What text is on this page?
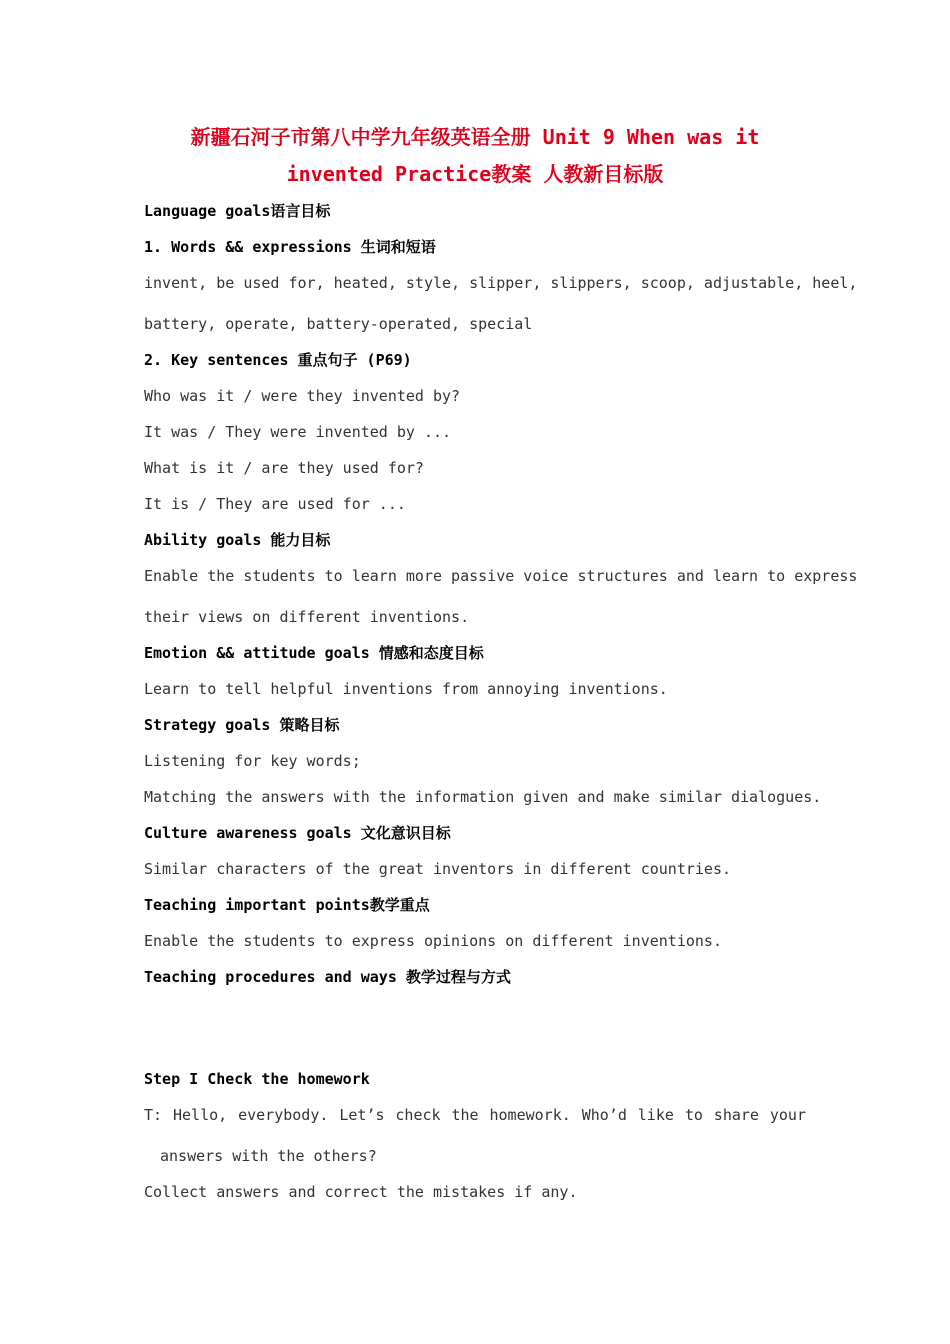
新疆石河子市第八中学九年级英语全册 Unit 9 When was it
invented Practice教案 人教新目标版
Language goals语言目标
1. Words && expressions 生词和短语
invent, be used for, heated, style, slipper, slippers, scoop, adjustable, heel,
battery, operate, battery-operated, special
2. Key sentences 重点句子 (P69)
Who was it / were they invented by?
It was / They were invented by ...
What is it / are they used for?
It is / They are used for ...
Ability goals 能力目标
Enable the students to learn more passive voice structures and learn to express
their views on different inventions.
Emotion && attitude goals 情感和态度目标
Learn to tell helpful inventions from annoying inventions.
Strategy goals 策略目标
Listening for key words;
Matching the answers with the information given and make similar dialogues.
Culture awareness goals 文化意识目标
Similar characters of the great inventors in different countries.
Teaching important points教学重点
Enable the students to express opinions on different inventions.
Teaching procedures and ways 教学过程与方式
Step I Check the homework
T: Hello, everybody. Let’s check the homework. Who’d like to share your
answers with the others?
Collect answers and correct the mistakes if any.
